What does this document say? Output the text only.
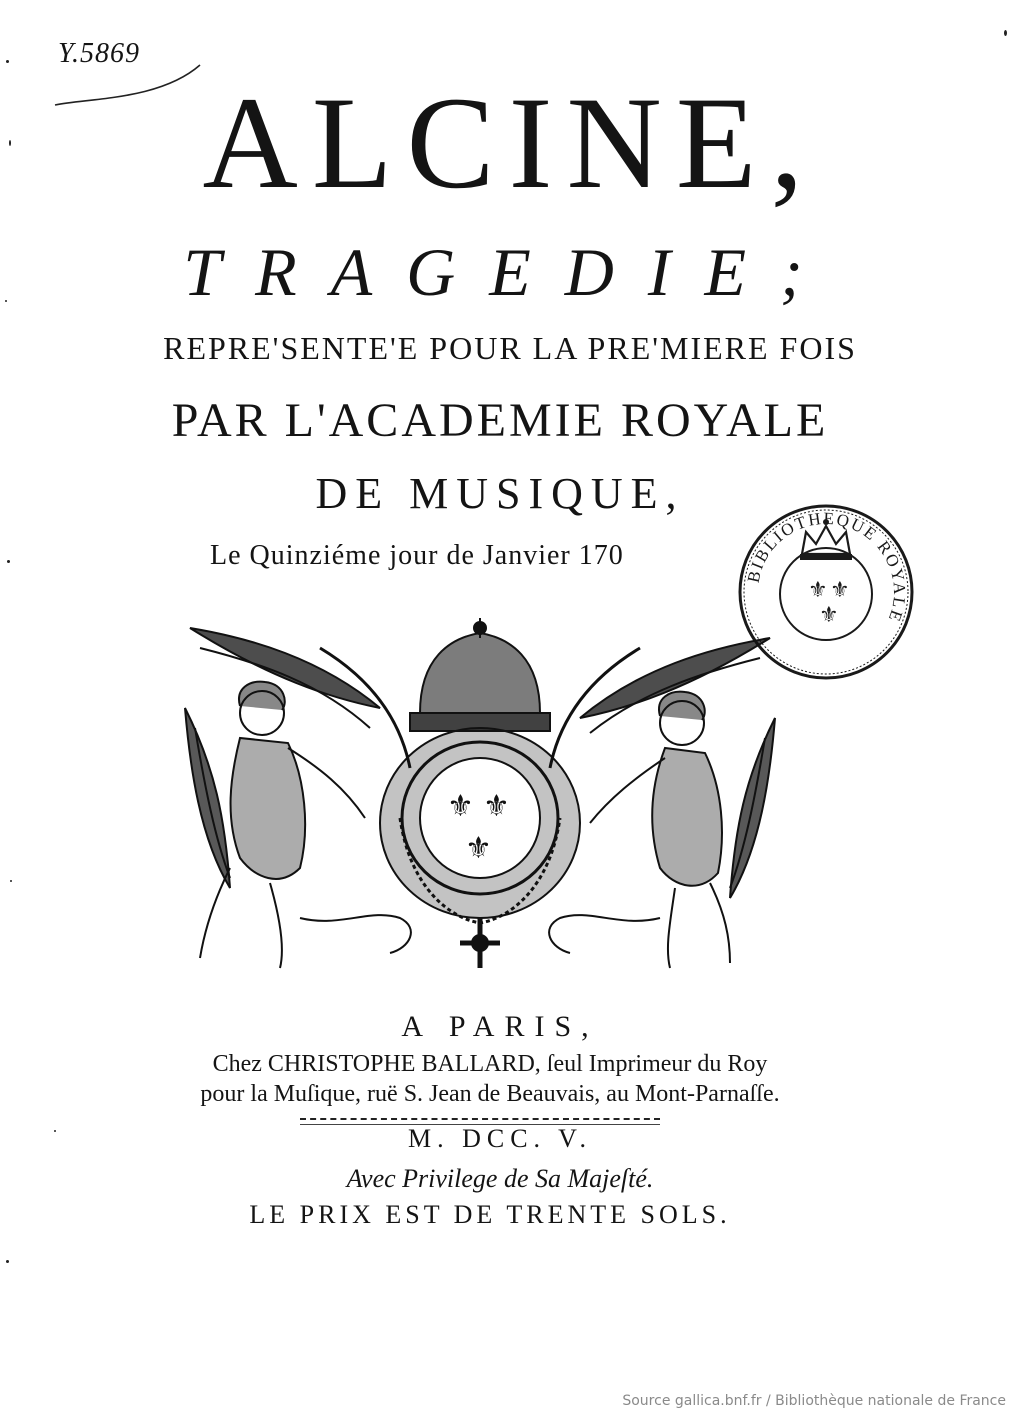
Y.5869
ALCINE,
TRAGEDIE;
REPRE'SENTE'E POUR LA PRE'MIERE FOIS
PAR L'ACADEMIE ROYALE
DE MUSIQUE,
Le Quinziéme jour de Janvier 170
⚜ ⚜
⚜
BIBLIOTHEQUE ROYALE
⚜ ⚜
⚜
A PARIS,
Chez CHRISTOPHE BALLARD, ſeul Imprimeur du Roy
pour la Muſique, ruë S. Jean de Beauvais, au Mont-Parnaſſe.
M. DCC. V.
Avec Privilege de Sa Majeſté.
LE PRIX EST DE TRENTE SOLS.
Source gallica.bnf.fr / Bibliothèque nationale de France
